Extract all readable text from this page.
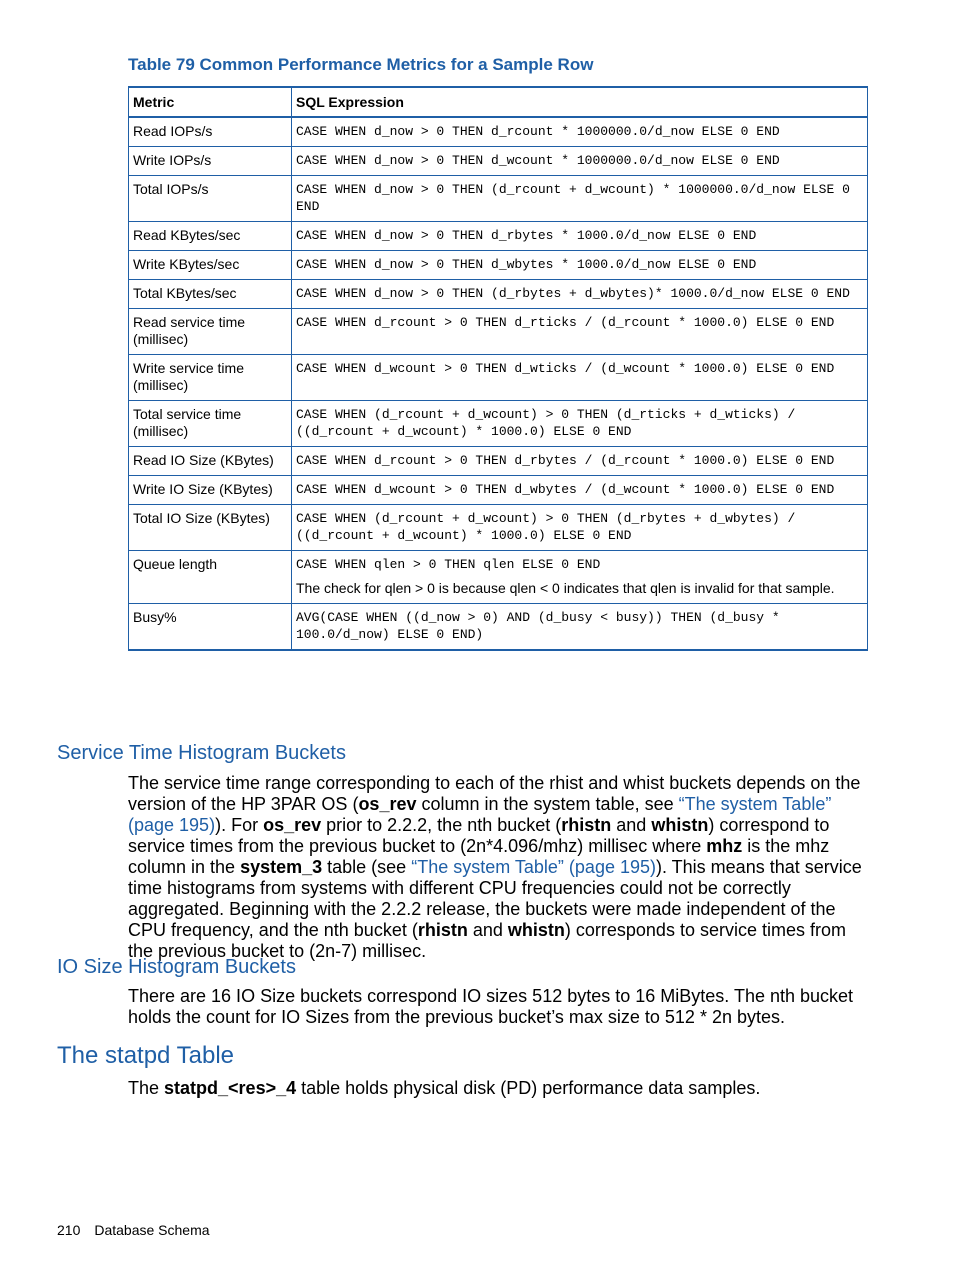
Table 79 Common Performance Metrics for a Sample Row
Metric	SQL Expression
Read IOPs/s	CASE WHEN d_now > 0 THEN d_rcount * 1000000.0/d_now ELSE 0 END

Write IOPs/s	CASE WHEN d_now > 0 THEN d_wcount * 1000000.0/d_now ELSE 0 END

Total IOPs/s	CASE WHEN d_now > 0 THEN (d_rcount + d_wcount) * 1000000.0/d_now ELSE 0 END

Read KBytes/sec	CASE WHEN d_now > 0 THEN d_rbytes * 1000.0/d_now ELSE 0 END

Write KBytes/sec	CASE WHEN d_now > 0 THEN d_wbytes * 1000.0/d_now ELSE 0 END

Total KBytes/sec	CASE WHEN d_now > 0 THEN (d_rbytes + d_wbytes)* 1000.0/d_now ELSE 0 END

Read service time (millisec)	CASE WHEN d_rcount > 0 THEN d_rticks / (d_rcount * 1000.0) ELSE 0 END

Write service time (millisec)	CASE WHEN d_wcount > 0 THEN d_wticks / (d_wcount * 1000.0) ELSE 0 END

Total service time (millisec)	CASE WHEN (d_rcount + d_wcount) > 0 THEN (d_rticks + d_wticks) / ((d_rcount + d_wcount) * 1000.0) ELSE 0 END

Read IO Size (KBytes)	CASE WHEN d_rcount > 0 THEN d_rbytes / (d_rcount * 1000.0) ELSE 0 END

Write IO Size (KBytes)	CASE WHEN d_wcount > 0 THEN d_wbytes / (d_wcount * 1000.0) ELSE 0 END

Total IO Size (KBytes)	CASE WHEN (d_rcount + d_wcount) > 0 THEN (d_rbytes + d_wbytes) / ((d_rcount + d_wcount) * 1000.0) ELSE 0 END

Queue length	CASE WHEN qlen > 0 THEN qlen ELSE 0 END
The check for qlen > 0 is because qlen < 0 indicates that qlen is invalid for that sample.

Busy%	AVG(CASE WHEN ((d_now > 0) AND (d_busy < busy)) THEN (d_busy * 100.0/d_now) ELSE 0 END)
Service Time Histogram Buckets
The service time range corresponding to each of the rhist and whist buckets depends on the version of the HP 3PAR OS (os_rev column in the system table, see “The system Table” (page 195)). For os_rev prior to 2.2.2, the nth bucket (rhistn and whistn) correspond to service times from the previous bucket to (2n*4.096/mhz) millisec where mhz is the mhz column in the system_3 table (see “The system Table” (page 195)). This means that service time histograms from systems with different CPU frequencies could not be correctly aggregated. Beginning with the 2.2.2 release, the buckets were made independent of the CPU frequency, and the nth bucket (rhistn and whistn) corresponds to service times from the previous bucket to (2n-7) millisec.
IO Size Histogram Buckets
There are 16 IO Size buckets correspond IO sizes 512 bytes to 16 MiBytes. The nth bucket holds the count for IO Sizes from the previous bucket’s max size to 512 * 2n bytes.
The statpd Table
The statpd_<res>_4 table holds physical disk (PD) performance data samples.
210 Database Schema
